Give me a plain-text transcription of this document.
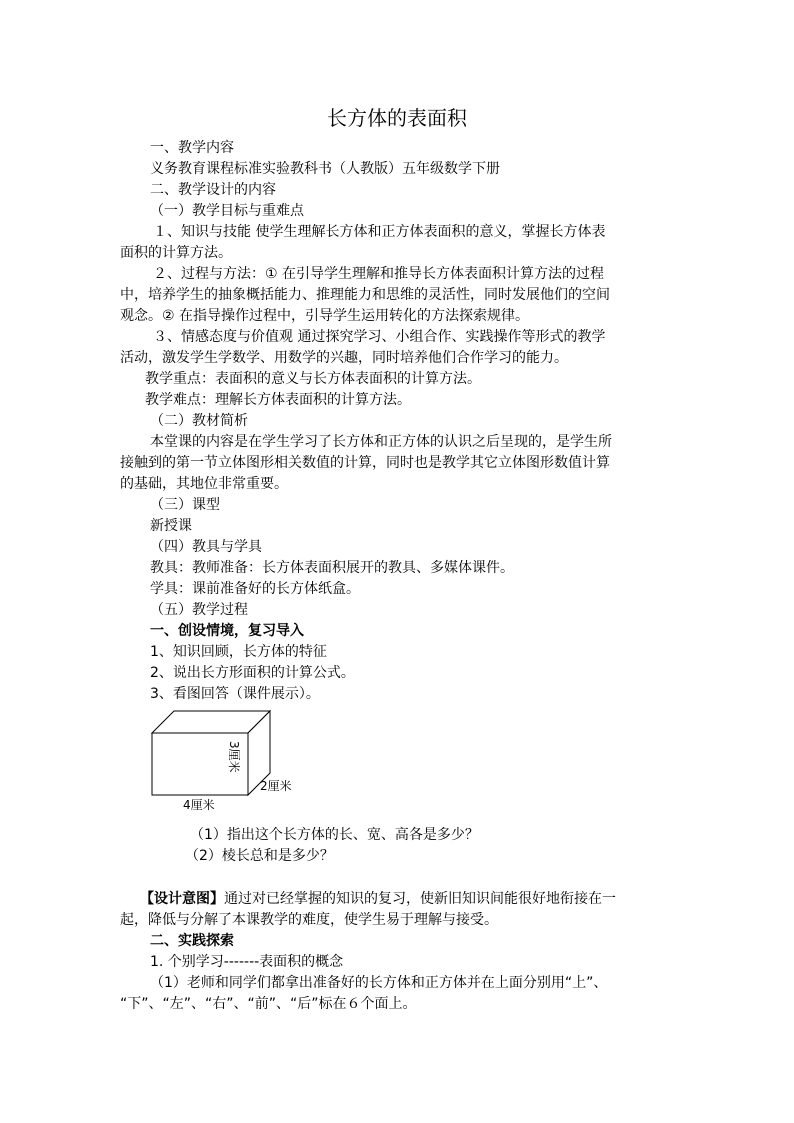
长方体的表面积
一、教学内容
义务教育课程标准实验教科书（人教版）五年级数学下册
二、教学设计的内容
（一）教学目标与重难点
１、知识与技能 使学生理解长方体和正方体表面积的意义，掌握长方体表
面积的计算方法。
２、过程与方法：① 在引导学生理解和推导长方体表面积计算方法的过程
中，培养学生的抽象概括能力、推理能力和思维的灵活性，同时发展他们的空间
观念。② 在指导操作过程中，引导学生运用转化的方法探索规律。
３、情感态度与价值观 通过探究学习、小组合作、实践操作等形式的教学
活动，激发学生学数学、用数学的兴趣，同时培养他们合作学习的能力。
教学重点：表面积的意义与长方体表面积的计算方法。
教学难点：理解长方体表面积的计算方法。
（二）教材简析
本堂课的内容是在学生学习了长方体和正方体的认识之后呈现的，是学生所
接触到的第一节立体图形相关数值的计算，同时也是教学其它立体图形数值计算
的基础，其地位非常重要。
（三）课型
新授课
（四）教具与学具
教具：教师准备：长方体表面积展开的教具、多媒体课件。
学具：课前准备好的长方体纸盒。
（五）教学过程
一、创设情境，复习导入
1、知识回顾，长方体的特征
2、说出长方形面积的计算公式。
3、看图回答（课件展示）。
3厘米
2厘米
4厘米
（1）指出这个长方体的长、宽、高各是多少？
（2）棱长总和是多少？
【设计意图】通过对已经掌握的知识的复习，使新旧知识间能很好地衔接在一
起，降低与分解了本课教学的难度，使学生易于理解与接受。
二、实践探索
1. 个别学习-------表面积的概念
（1）老师和同学们都拿出准备好的长方体和正方体并在上面分别用“上”、
“下”、“左”、“右”、“前”、“后”标在６个面上。
